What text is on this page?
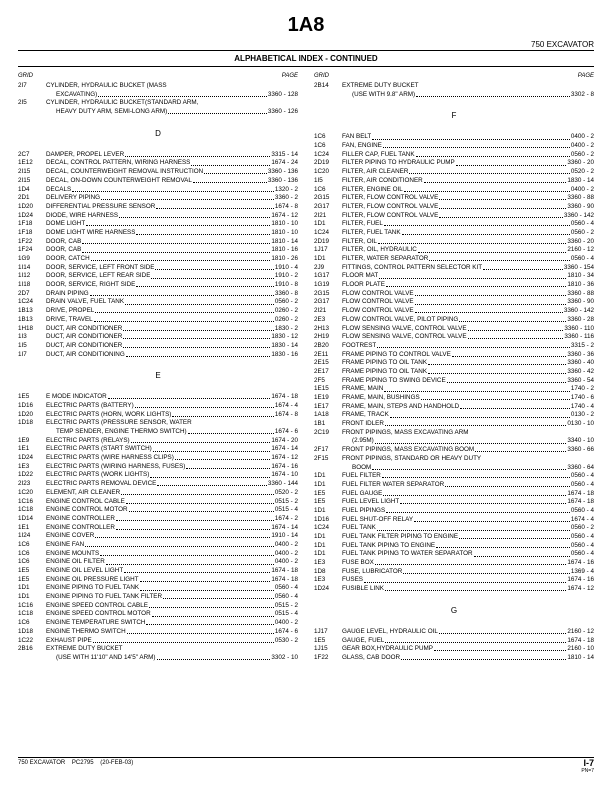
1A8
750 EXCAVATOR
ALPHABETICAL INDEX - CONTINUED
GRID	PAGE
2I7	CYLINDER, HYDRAULIC BUCKET (MASS
EXCAVATING)	3360 - 128
2I5	CYLINDER, HYDRAULIC BUCKET(STANDARD ARM,
HEAVY DUTY ARM, SEMI-LONG ARM)	3360 - 126
D
2C7	DAMPER, PROPEL LEVER	3315 - 14
1E12	DECAL, CONTROL PATTERN, WIRING HARNESS	1674 - 24
2I15	DECAL, COUNTERWEIGHT REMOVAL INSTRUCTION	3360 - 136
2I15	DECAL, ON-DOWN COUNTERWEIGHT REMOVAL	3360 - 136
1D4	DECALS	1320 - 2
2D1	DELIVERY PIPING	3360 - 2
1D20	DIFFERENTIAL PRESSURE SENSOR	1674 - 8
1D24	DIODE, WIRE HARNESS	1674 - 12
1F18	DOME LIGHT	1810 - 10
1F18	DOME LIGHT WIRE HARNESS	1810 - 10
1F22	DOOR, CAB	1810 - 14
1F24	DOOR, CAB	1810 - 16
1G9	DOOR, CATCH	1810 - 26
1I14	DOOR, SERVICE, LEFT FRONT SIDE	1910 - 4
1I12	DOOR, SERVICE, LEFT REAR SIDE	1910 - 2
1I18	DOOR, SERVICE, RIGHT SIDE	1910 - 8
2D7	DRAIN PIPING	3360 - 8
1C24	DRAIN VALVE, FUEL TANK	0560 - 2
1B13	DRIVE, PROPEL	0260 - 2
1B13	DRIVE, TRAVEL	0260 - 2
1H18	DUCT, AIR CONDITIONER	1830 - 2
1I3	DUCT, AIR CONDITIONER	1830 - 12
1I5	DUCT, AIR CONDITIONER	1830 - 14
1I7	DUCT, AIR CONDITIONING	1830 - 16
E
1E5	E MODE INDICATOR	1674 - 18
1D16	ELECTRIC PARTS (BATTERY)	1674 - 4
1D20	ELECTRIC PARTS (HORN, WORK LIGHTS)	1674 - 8
1D18	ELECTRIC PARTS (PRESSURE SENSOR, WATER
TEMP SENDER, ENGINE THERMO SWITCH)	1674 - 6
1E9	ELECTRIC PARTS (RELAYS)	1674 - 20
1E1	ELECTRIC PARTS (START SWITCH)	1674 - 14
1D24	ELECTRIC PARTS (WIRE HARNESS CLIPS)	1674 - 12
1E3	ELECTRIC PARTS (WIRING HARNESS, FUSES)	1674 - 16
1D22	ELECTRIC PARTS (WORK LIGHTS)	1674 - 10
2I23	ELECTRIC PARTS REMOVAL DEVICE	3360 - 144
1C20	ELEMENT, AIR CLEANER	0520 - 2
1C16	ENGINE CONTROL CABLE	0515 - 2
1C18	ENGINE CONTROL MOTOR	0515 - 4
1D14	ENGINE CONTROLLER	1674 - 2
1E1	ENGINE CONTROLLER	1674 - 14
1I24	ENGINE COVER	1910 - 14
1C6	ENGINE FAN	0400 - 2
1C6	ENGINE MOUNTS	0400 - 2
1C6	ENGINE OIL FILTER	0400 - 2
1E5	ENGINE OIL LEVEL LIGHT	1674 - 18
1E5	ENGINE OIL PRESSURE LIGHT	1674 - 18
1D1	ENGINE PIPING TO FUEL TANK	0560 - 4
1D1	ENGINE PIPING TO FUEL TANK FILTER	0560 - 4
1C16	ENGINE SPEED CONTROL CABLE	0515 - 2
1C18	ENGINE SPEED CONTROL MOTOR	0515 - 4
1C6	ENGINE TEMPERATURE SWITCH	0400 - 2
1D18	ENGINE THERMO SWITCH	1674 - 6
1C22	EXHAUST PIPE	0530 - 2
2B16	EXTREME DUTY BUCKET
(USE WITH 11'10" AND 14'5" ARM)	3302 - 10
GRID	PAGE
2B14	EXTREME DUTY BUCKET
(USE WITH 9.8" ARM)	3302 - 8
F
1C6	FAN BELT	0400 - 2
1C6	FAN, ENGINE	0400 - 2
1C24	FILLER CAP, FUEL TANK	0560 - 2
2D19	FILTER PIPING TO HYDRAULIC PUMP	3360 - 20
1C20	FILTER, AIR CLEANER	0520 - 2
1I5	FILTER, AIR CONDITIONER	1830 - 14
1C6	FILTER, ENGINE OIL	0400 - 2
2G15	FILTER, FLOW CONTROL VALVE	3360 - 88
2G17	FILTER, FLOW CONTROL VALVE	3360 - 90
2I21	FILTER, FLOW CONTROL VALVE	3360 - 142
1D1	FILTER, FUEL	0560 - 4
1C24	FILTER, FUEL TANK	0560 - 2
2D19	FILTER, OIL	3360 - 20
1J17	FILTER, OIL, HYDRAULIC	2160 - 12
1D1	FILTER, WATER SEPARATOR	0560 - 4
2J9	FITTINGS, CONTROL PATTERN SELECTOR KIT	3360 - 154
1G17	FLOOR MAT	1810 - 34
1G19	FLOOR PLATE	1810 - 36
2G15	FLOW CONTROL VALVE	3360 - 88
2G17	FLOW CONTROL VALVE	3360 - 90
2I21	FLOW CONTROL VALVE	3360 - 142
2E3	FLOW CONTROL VALVE, PILOT PIPING	3360 - 28
2H13	FLOW SENSING VALVE, CONTROL VALVE	3360 - 110
2H19	FLOW SENSING VALVE, CONTROL VALVE	3360 - 116
2B20	FOOTREST	3315 - 2
2E11	FRAME PIPING TO CONTROL VALVE	3360 - 36
2E15	FRAME PIPING TO OIL TANK	3360 - 40
2E17	FRAME PIPING TO OIL TANK	3360 - 42
2F5	FRAME PIPING TO SWING DEVICE	3360 - 54
1E15	FRAME, MAIN	1740 - 2
1E19	FRAME, MAIN, BUSHINGS	1740 - 6
1E17	FRAME, MAIN, STEPS AND HANDHOLD	1740 - 4
1A18	FRAME, TRACK	0130 - 2
1B1	FRONT IDLER	0130 - 10
2C19	FRONT PIPINGS, MASS EXCAVATING ARM
(2.95M)	3340 - 10
2F17	FRONT PIPINGS, MASS EXCAVATING BOOM	3360 - 66
2F15	FRONT PIPINGS, STANDARD OR HEAVY DUTY
BOOM	3360 - 64
1D1	FUEL FILTER	0560 - 4
1D1	FUEL FILTER WATER SEPARATOR	0560 - 4
1E5	FUEL GAUGE	1674 - 18
1E5	FUEL LEVEL LIGHT	1674 - 18
1D1	FUEL PIPINGS	0560 - 4
1D16	FUEL SHUT-OFF RELAY	1674 - 4
1C24	FUEL TANK	0560 - 2
1D1	FUEL TANK FILTER PIPING TO ENGINE	0560 - 4
1D1	FUEL TANK PIPING TO ENGINE	0560 - 4
1D1	FUEL TANK PIPING TO WATER SEPARATOR	0560 - 4
1E3	FUSE BOX	1674 - 16
1D8	FUSE, LUBRICATOR	1369 - 4
1E3	FUSES	1674 - 16
1D24	FUSIBLE LINK	1674 - 12
G
1J17	GAUGE LEVEL, HYDRAULIC OIL	2160 - 12
1E5	GAUGE, FUEL	1674 - 18
1J15	GEAR BOX,HYDRAULIC PUMP	2160 - 10
1F22	GLASS, CAB DOOR	1810 - 14
750 EXCAVATOR    PC2795    (20-FEB-03)	I-7
PN=7
